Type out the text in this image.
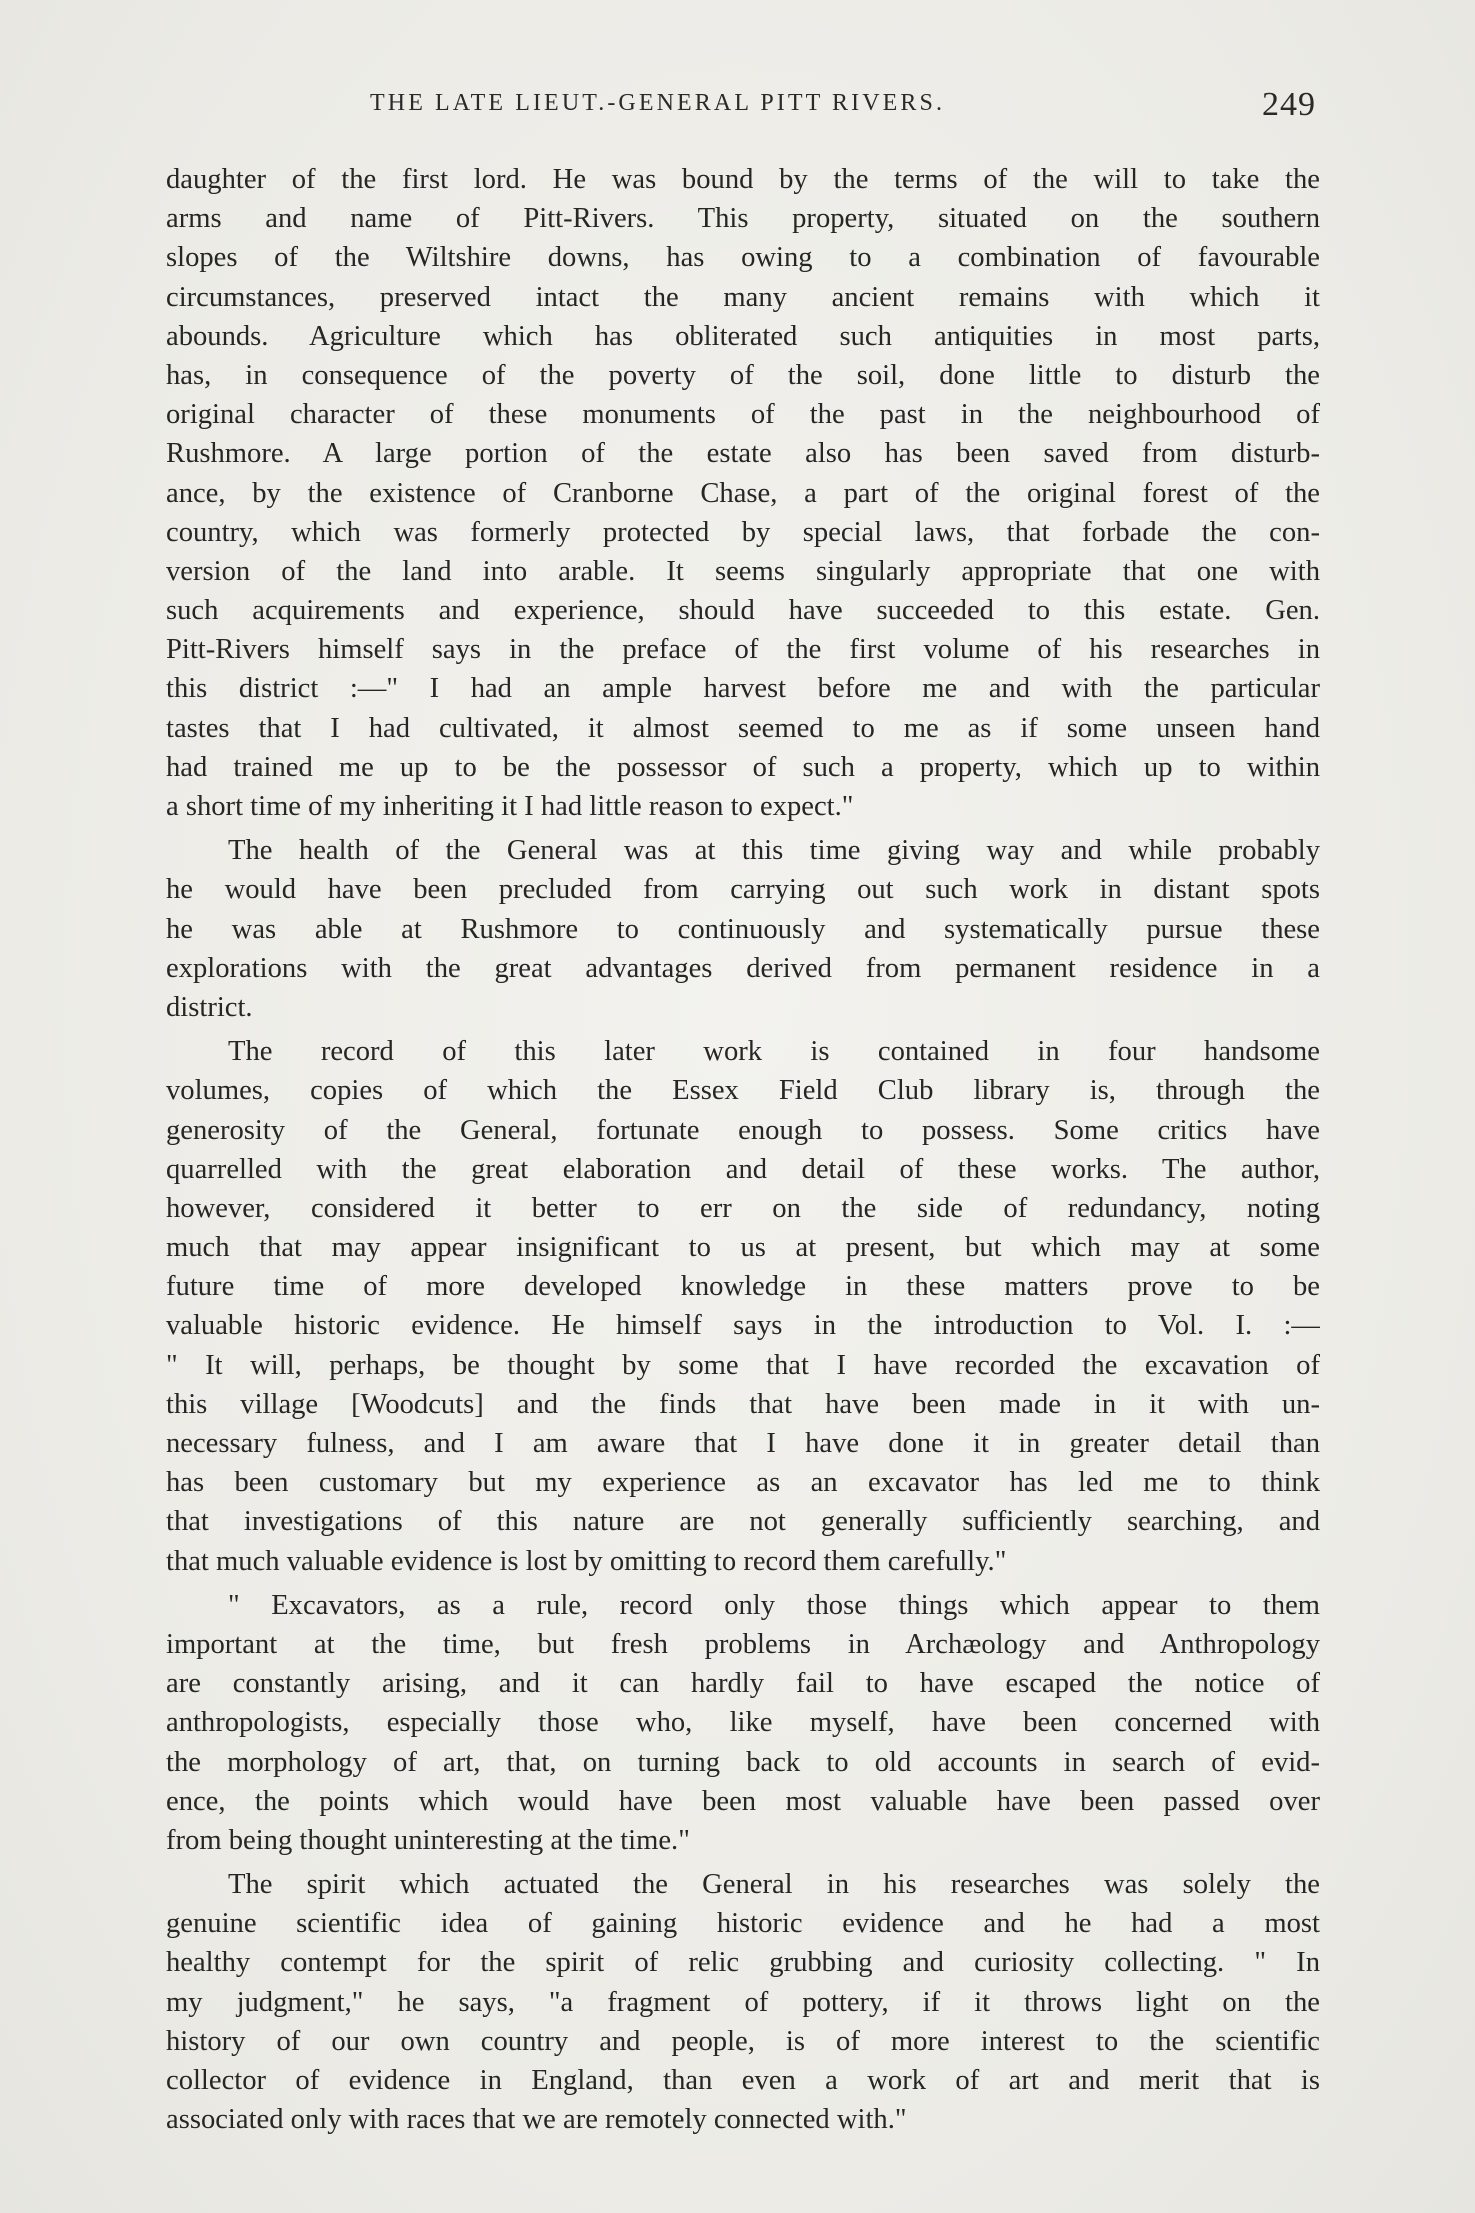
THE LATE LIEUT.-GENERAL PITT RIVERS.	249
daughter of the first lord. He was bound by the terms of the will to take the
arms and name of Pitt-Rivers. This property, situated on the southern
slopes of the Wiltshire downs, has owing to a combination of favourable
circumstances, preserved intact the many ancient remains with which it
abounds. Agriculture which has obliterated such antiquities in most parts,
has, in consequence of the poverty of the soil, done little to disturb the
original character of these monuments of the past in the neighbourhood of
Rushmore. A large portion of the estate also has been saved from disturb-
ance, by the existence of Cranborne Chase, a part of the original forest of the
country, which was formerly protected by special laws, that forbade the con-
version of the land into arable. It seems singularly appropriate that one with
such acquirements and experience, should have succeeded to this estate. Gen.
Pitt-Rivers himself says in the preface of the first volume of his researches in
this district :—" I had an ample harvest before me and with the particular
tastes that I had cultivated, it almost seemed to me as if some unseen hand
had trained me up to be the possessor of such a property, which up to within
a short time of my inheriting it I had little reason to expect."
The health of the General was at this time giving way and while probably
he would have been precluded from carrying out such work in distant spots
he was able at Rushmore to continuously and systematically pursue these
explorations with the great advantages derived from permanent residence in a
district.
The record of this later work is contained in four handsome
volumes, copies of which the Essex Field Club library is, through the
generosity of the General, fortunate enough to possess. Some critics have
quarrelled with the great elaboration and detail of these works. The author,
however, considered it better to err on the side of redundancy, noting
much that may appear insignificant to us at present, but which may at some
future time of more developed knowledge in these matters prove to be
valuable historic evidence. He himself says in the introduction to Vol. I. :—
" It will, perhaps, be thought by some that I have recorded the excavation of
this village [Woodcuts] and the finds that have been made in it with un-
necessary fulness, and I am aware that I have done it in greater detail than
has been customary but my experience as an excavator has led me to think
that investigations of this nature are not generally sufficiently searching, and
that much valuable evidence is lost by omitting to record them carefully."
" Excavators, as a rule, record only those things which appear to them
important at the time, but fresh problems in Archæology and Anthropology
are constantly arising, and it can hardly fail to have escaped the notice of
anthropologists, especially those who, like myself, have been concerned with
the morphology of art, that, on turning back to old accounts in search of evid-
ence, the points which would have been most valuable have been passed over
from being thought uninteresting at the time."
The spirit which actuated the General in his researches was solely the
genuine scientific idea of gaining historic evidence and he had a most
healthy contempt for the spirit of relic grubbing and curiosity collecting. " In
my judgment," he says, "a fragment of pottery, if it throws light on the
history of our own country and people, is of more interest to the scientific
collector of evidence in England, than even a work of art and merit that is
associated only with races that we are remotely connected with."
